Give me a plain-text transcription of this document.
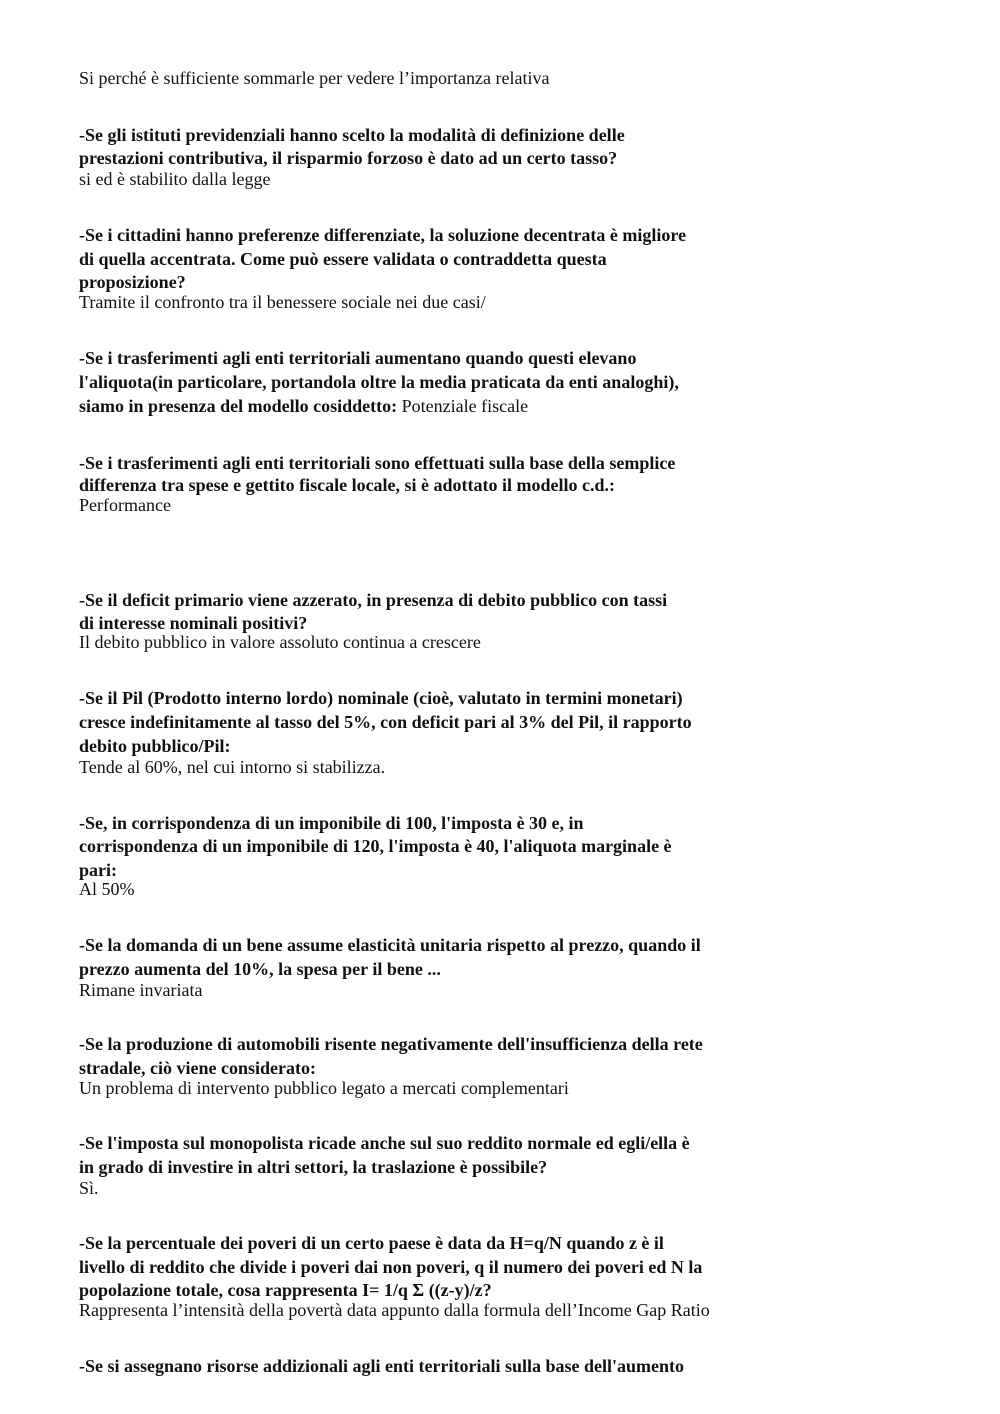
Si perché è sufficiente sommarle per vedere l’importanza relativa

-Se gli istituti previdenziali hanno scelto la modalità di definizione delle

prestazioni contributiva, il risparmio forzoso è dato ad un certo tasso?

si ed è stabilito dalla legge

-Se i cittadini hanno preferenze differenziate, la soluzione decentrata è migliore

di quella accentrata. Come può essere validata o contraddetta questa

proposizione?

Tramite il confronto tra il benessere sociale nei due casi/

-Se i trasferimenti agli enti territoriali aumentano quando questi elevano

l'aliquota(in particolare, portandola oltre la media praticata da enti analoghi),

siamo in presenza del modello cosiddetto: Potenziale fiscale

-Se i trasferimenti agli enti territoriali sono effettuati sulla base della semplice

differenza tra spese e gettito fiscale locale, si è adottato il modello c.d.:

Performance

-Se il deficit primario viene azzerato, in presenza di debito pubblico con tassi

di interesse nominali positivi?

Il debito pubblico in valore assoluto continua a crescere

-Se il Pil (Prodotto interno lordo) nominale (cioè, valutato in termini monetari)

cresce indefinitamente al tasso del 5%, con deficit pari al 3% del Pil, il rapporto

debito pubblico/Pil:

Tende al 60%, nel cui intorno si stabilizza.

-Se, in corrispondenza di un imponibile di 100, l'imposta è 30 e, in

corrispondenza di un imponibile di 120, l'imposta è 40, l'aliquota marginale è

pari:

Al 50%

-Se la domanda di un bene assume elasticità unitaria rispetto al prezzo, quando il

prezzo aumenta del 10%, la spesa per il bene ...

Rimane invariata

-Se la produzione di automobili risente negativamente dell'insufficienza della rete

stradale, ciò viene considerato:

Un problema di intervento pubblico legato a mercati complementari

-Se l'imposta sul monopolista ricade anche sul suo reddito normale ed egli/ella è

in grado di investire in altri settori, la traslazione è possibile?

Sì.

-Se la percentuale dei poveri di un certo paese è data da H=q/N quando z è il

livello di reddito che divide i poveri dai non poveri, q il numero dei poveri ed N la

popolazione totale, cosa rappresenta I= 1/q Σ ((z-y)/z?

Rappresenta l’intensità della povertà data appunto dalla formula dell’Income Gap Ratio

-Se si assegnano risorse addizionali agli enti territoriali sulla base dell'aumento
